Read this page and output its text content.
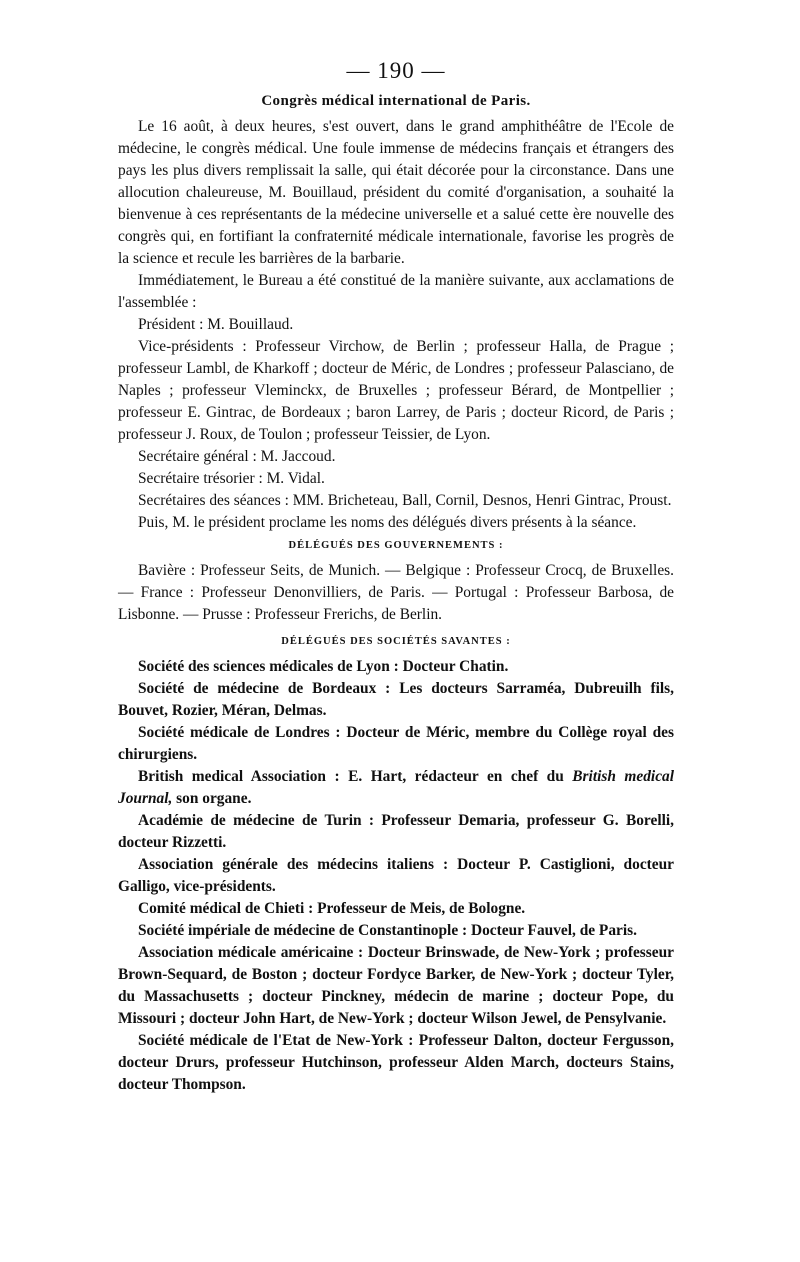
— 190 —
Congrès médical international de Paris.

Le 16 août, à deux heures, s'est ouvert, dans le grand amphithéâtre de l'Ecole de médecine, le congrès médical. Une foule immense de médecins français et étrangers des pays les plus divers remplissait la salle, qui était décorée pour la circonstance. Dans une allocution chaleureuse, M. Bouillaud, président du comité d'organisation, a souhaité la bienvenue à ces représentants de la médecine universelle et a salué cette ère nouvelle des congrès qui, en fortifiant la confraternité médicale internationale, favorise les progrès de la science et recule les barrières de la barbarie.

Immédiatement, le Bureau a été constitué de la manière suivante, aux acclamations de l'assemblée :

Président : M. Bouillaud.

Vice-présidents : Professeur Virchow, de Berlin ; professeur Halla, de Prague ; professeur Lambl, de Kharkoff ; docteur de Méric, de Londres ; professeur Palasciano, de Naples ; professeur Vleminckx, de Bruxelles ; professeur Bérard, de Montpellier ; professeur E. Gintrac, de Bordeaux ; baron Larrey, de Paris ; docteur Ricord, de Paris ; professeur J. Roux, de Toulon ; professeur Teissier, de Lyon.

Secrétaire général : M. Jaccoud.

Secrétaire trésorier : M. Vidal.

Secrétaires des séances : MM. Bricheteau, Ball, Cornil, Desnos, Henri Gintrac, Proust.

Puis, M. le président proclame les noms des délégués divers présents à la séance.

DÉLÉGUÉS DES GOUVERNEMENTS :

Bavière : Professeur Seits, de Munich. — Belgique : Professeur Crocq, de Bruxelles. — France : Professeur Denonvilliers, de Paris. — Portugal : Professeur Barbosa, de Lisbonne. — Prusse : Professeur Frerichs, de Berlin.

DÉLÉGUÉS DES SOCIÉTÉS SAVANTES :

Société des sciences médicales de Lyon : Docteur Chatin.

Société de médecine de Bordeaux : Les docteurs Sarraméa, Dubreuilh fils, Bouvet, Rozier, Méran, Delmas.

Société médicale de Londres : Docteur de Méric, membre du Collège royal des chirurgiens.

British medical Association : E. Hart, rédacteur en chef du British medical Journal, son organe.

Académie de médecine de Turin : Professeur Demaria, professeur G. Borelli, docteur Rizzetti.

Association générale des médecins italiens : Docteur P. Castiglioni, docteur Galligo, vice-présidents.

Comité médical de Chieti : Professeur de Meis, de Bologne.

Société impériale de médecine de Constantinople : Docteur Fauvel, de Paris.

Association médicale américaine : Docteur Brinswade, de New-York ; professeur Brown-Sequard, de Boston ; docteur Fordyce Barker, de New-York ; docteur Tyler, du Massachusetts ; docteur Pinckney, médecin de marine ; docteur Pope, du Missouri ; docteur John Hart, de New-York ; docteur Wilson Jewel, de Pensylvanie.

Société médicale de l'Etat de New-York : Professeur Dalton, docteur Fergusson, docteur Drurs, professeur Hutchinson, professeur Alden March, docteurs Stains, docteur Thompson.
